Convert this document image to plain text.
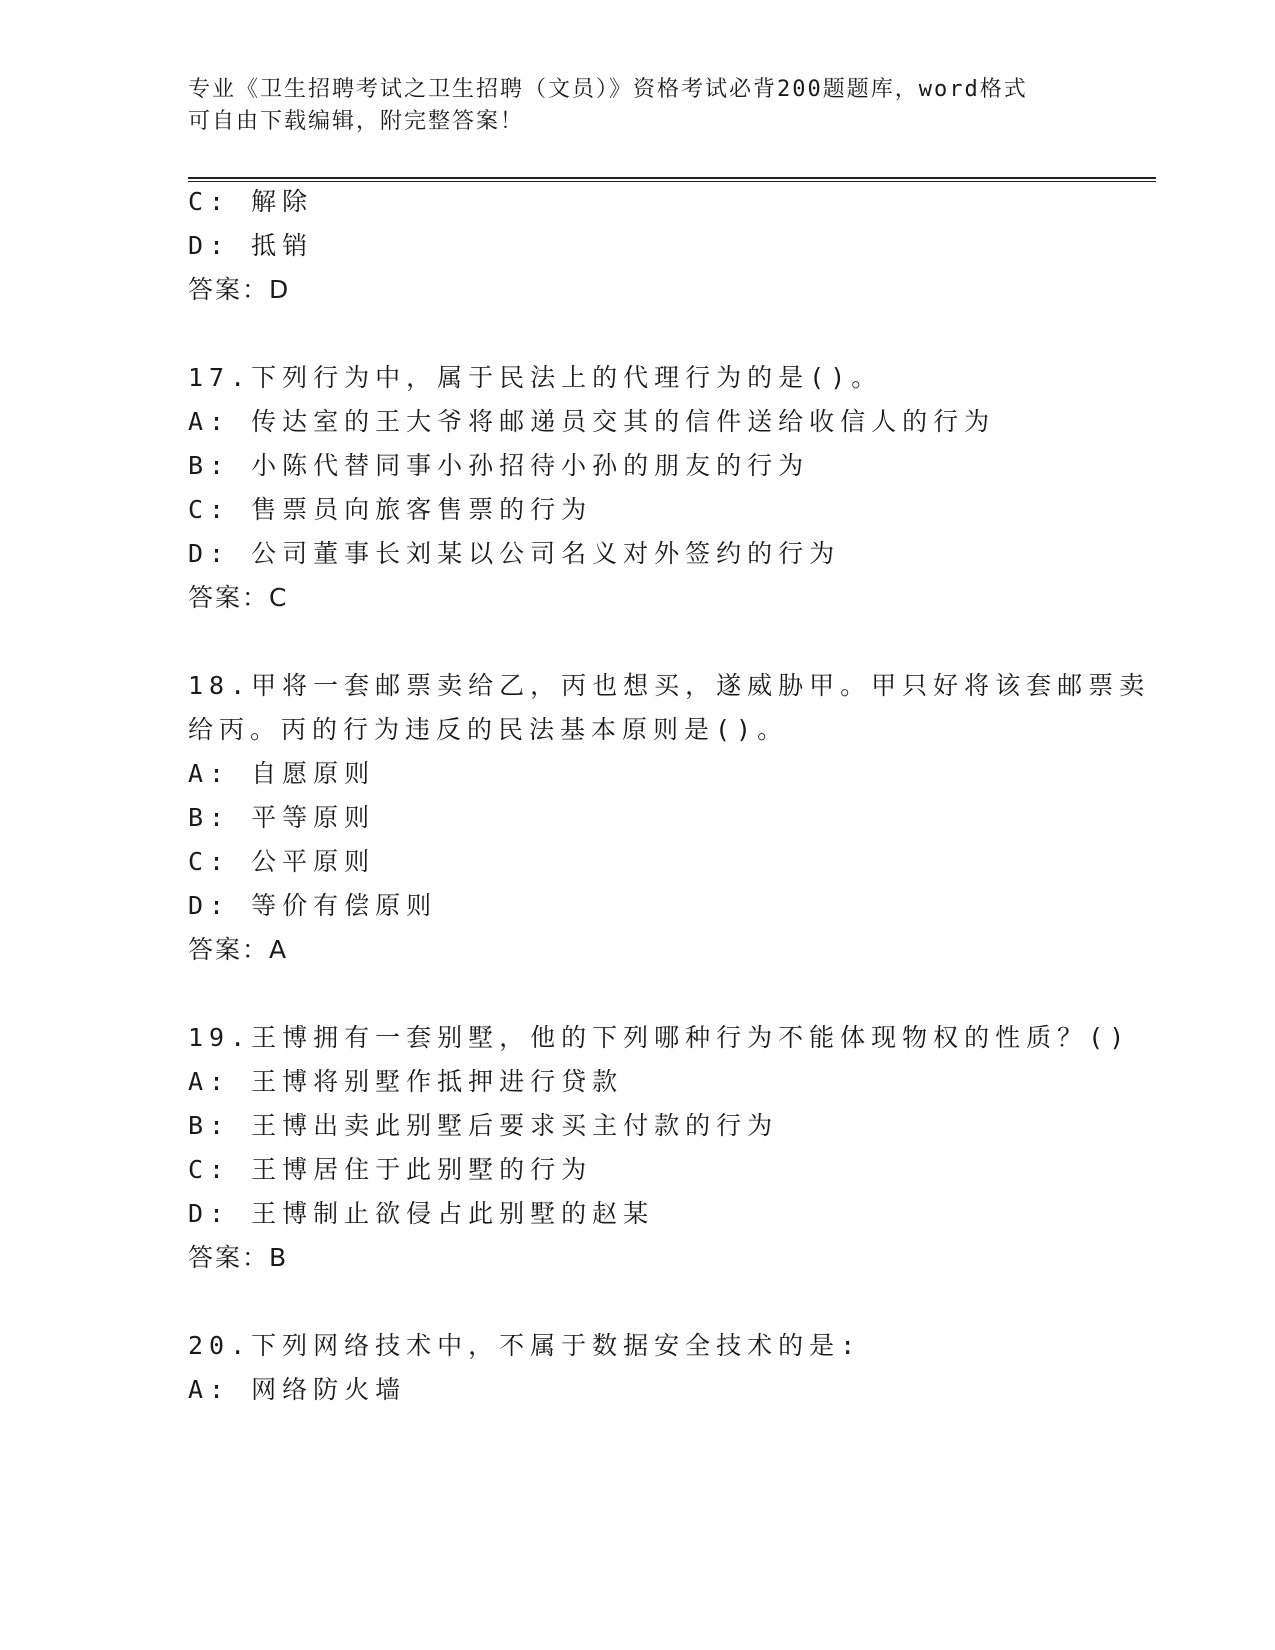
专业《卫生招聘考试之卫生招聘（文员）》资格考试必背200题题库，word格式
可自由下载编辑，附完整答案！
C: 解除
D: 抵销
答案：D
17.下列行为中，属于民法上的代理行为的是()。
A: 传达室的王大爷将邮递员交其的信件送给收信人的行为
B: 小陈代替同事小孙招待小孙的朋友的行为
C: 售票员向旅客售票的行为
D: 公司董事长刘某以公司名义对外签约的行为
答案：C
18.甲将一套邮票卖给乙，丙也想买，遂威胁甲。甲只好将该套邮票卖
给丙。丙的行为违反的民法基本原则是()。
A: 自愿原则
B: 平等原则
C: 公平原则
D: 等价有偿原则
答案：A
19.王博拥有一套别墅，他的下列哪种行为不能体现物权的性质？()
A: 王博将别墅作抵押进行贷款
B: 王博出卖此别墅后要求买主付款的行为
C: 王博居住于此别墅的行为
D: 王博制止欲侵占此别墅的赵某
答案：B
20.下列网络技术中，不属于数据安全技术的是:
A: 网络防火墙
